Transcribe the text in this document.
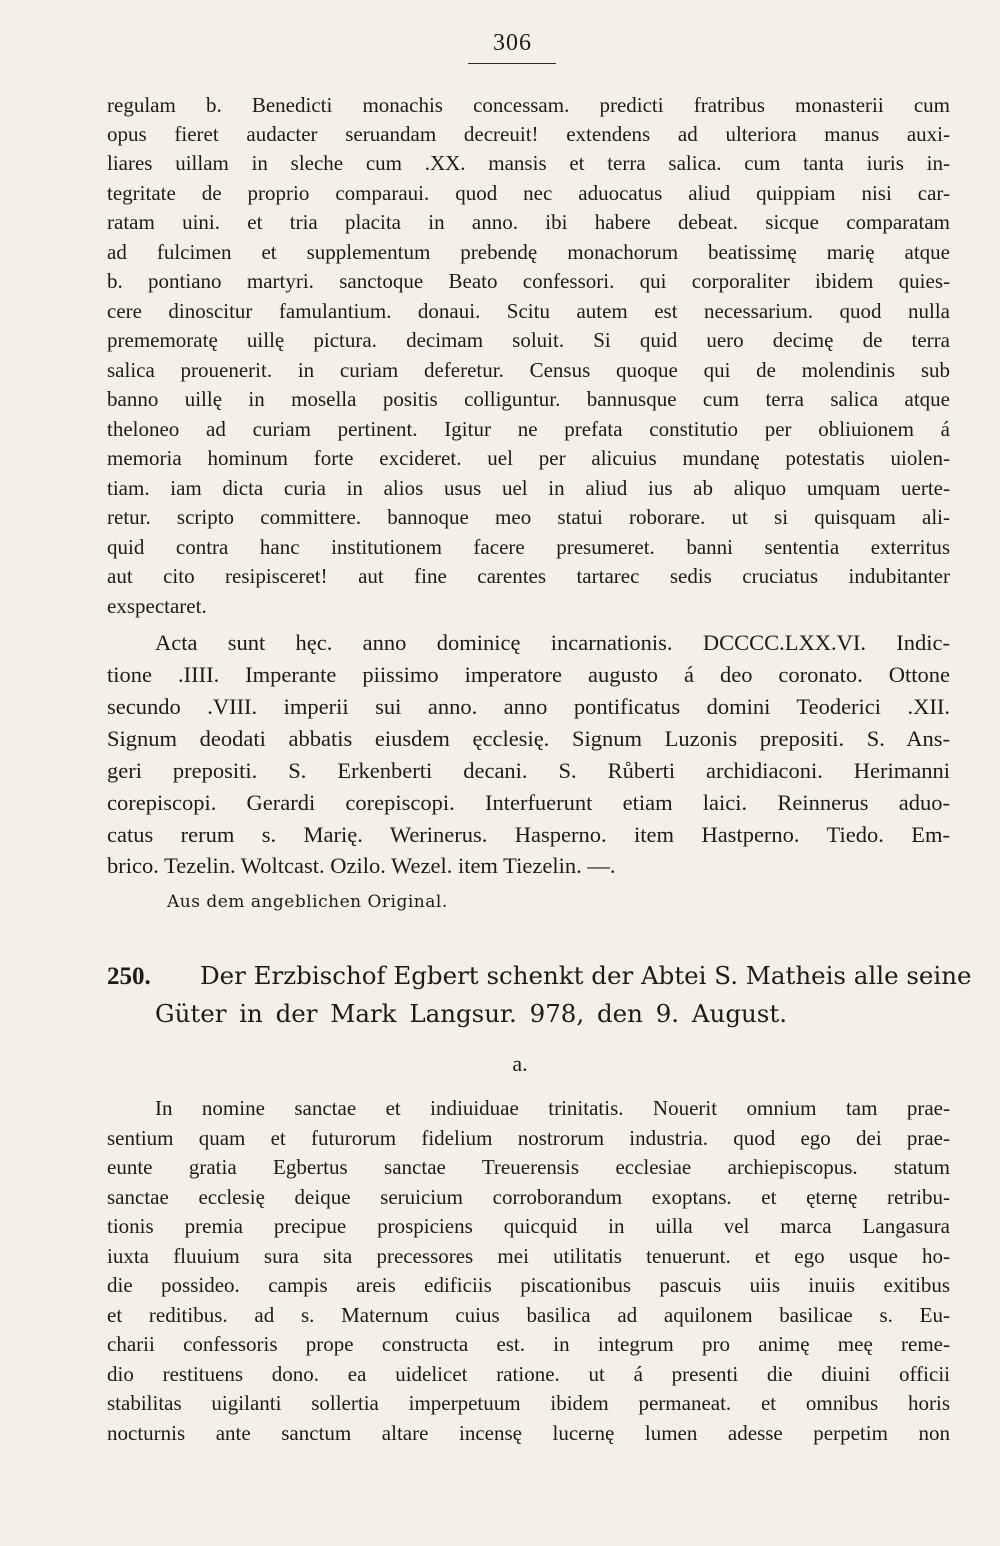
306
regulam b. Benedicti monachis concessam. predicti fratribus monasterii cum
opus fieret audacter seruandam decreuit! extendens ad ulteriora manus auxi-
liares uillam in sleche cum .XX. mansis et terra salica. cum tanta iuris in-
tegritate de proprio comparaui. quod nec aduocatus aliud quippiam nisi car-
ratam uini. et tria placita in anno. ibi habere debeat. sicque comparatam
ad fulcimen et supplementum prebendę monachorum beatissimę marię atque
b. pontiano martyri. sanctoque Beato confessori. qui corporaliter ibidem quies-
cere dinoscitur famulantium. donaui. Scitu autem est necessarium. quod nulla
prememoratę uillę pictura. decimam soluit. Si quid uero decimę de terra
salica prouenerit. in curiam deferetur. Census quoque qui de molendinis sub
banno uillę in mosella positis colliguntur. bannusque cum terra salica atque
theloneo ad curiam pertinent. Igitur ne prefata constitutio per obliuionem á
memoria hominum forte excideret. uel per alicuius mundanę potestatis uiolen-
tiam. iam dicta curia in alios usus uel in aliud ius ab aliquo umquam uerte-
retur. scripto committere. bannoque meo statui roborare. ut si quisquam ali-
quid contra hanc institutionem facere presumeret. banni sententia exterritus
aut cito resipisceret! aut fine carentes tartarec sedis cruciatus indubitanter
exspectaret.
Acta sunt hęc. anno dominicę incarnationis. DCCCC.LXX.VI. Indic-
tione .IIII. Imperante piissimo imperatore augusto á deo coronato. Ottone
secundo .VIII. imperii sui anno. anno pontificatus domini Teoderici .XII.
Signum deodati abbatis eiusdem ęcclesię. Signum Luzonis prepositi. S. Ans-
geri prepositi. S. Erkenberti decani. S. Růberti archidiaconi. Herimanni
corepiscopi. Gerardi corepiscopi. Interfuerunt etiam laici. Reinnerus aduo-
catus rerum s. Marię. Werinerus. Hasperno. item Hastperno. Tiedo. Em-
brico. Tezelin. Woltcast. Ozilo. Wezel. item Tiezelin. —.
Aus dem angeblichen Original.
250. Der Erzbischof Egbert schenkt der Abtei S. Matheis alle seine
Güter in der Mark Langsur. 978, den 9. August.
a.
In nomine sanctae et indiuiduae trinitatis. Nouerit omnium tam prae-
sentium quam et futurorum fidelium nostrorum industria. quod ego dei prae-
eunte gratia Egbertus sanctae Treuerensis ecclesiae archiepiscopus. statum
sanctae ecclesię deique seruicium corroborandum exoptans. et ęternę retribu-
tionis premia precipue prospiciens quicquid in uilla vel marca Langasura
iuxta fluuium sura sita precessores mei utilitatis tenuerunt. et ego usque ho-
die possideo. campis areis edificiis piscationibus pascuis uiis inuiis exitibus
et reditibus. ad s. Maternum cuius basilica ad aquilonem basilicae s. Eu-
charii confessoris prope constructa est. in integrum pro animę meę reme-
dio restituens dono. ea uidelicet ratione. ut á presenti die diuini officii
stabilitas uigilanti sollertia imperpetuum ibidem permaneat. et omnibus horis
nocturnis ante sanctum altare incensę lucernę lumen adesse perpetim non
